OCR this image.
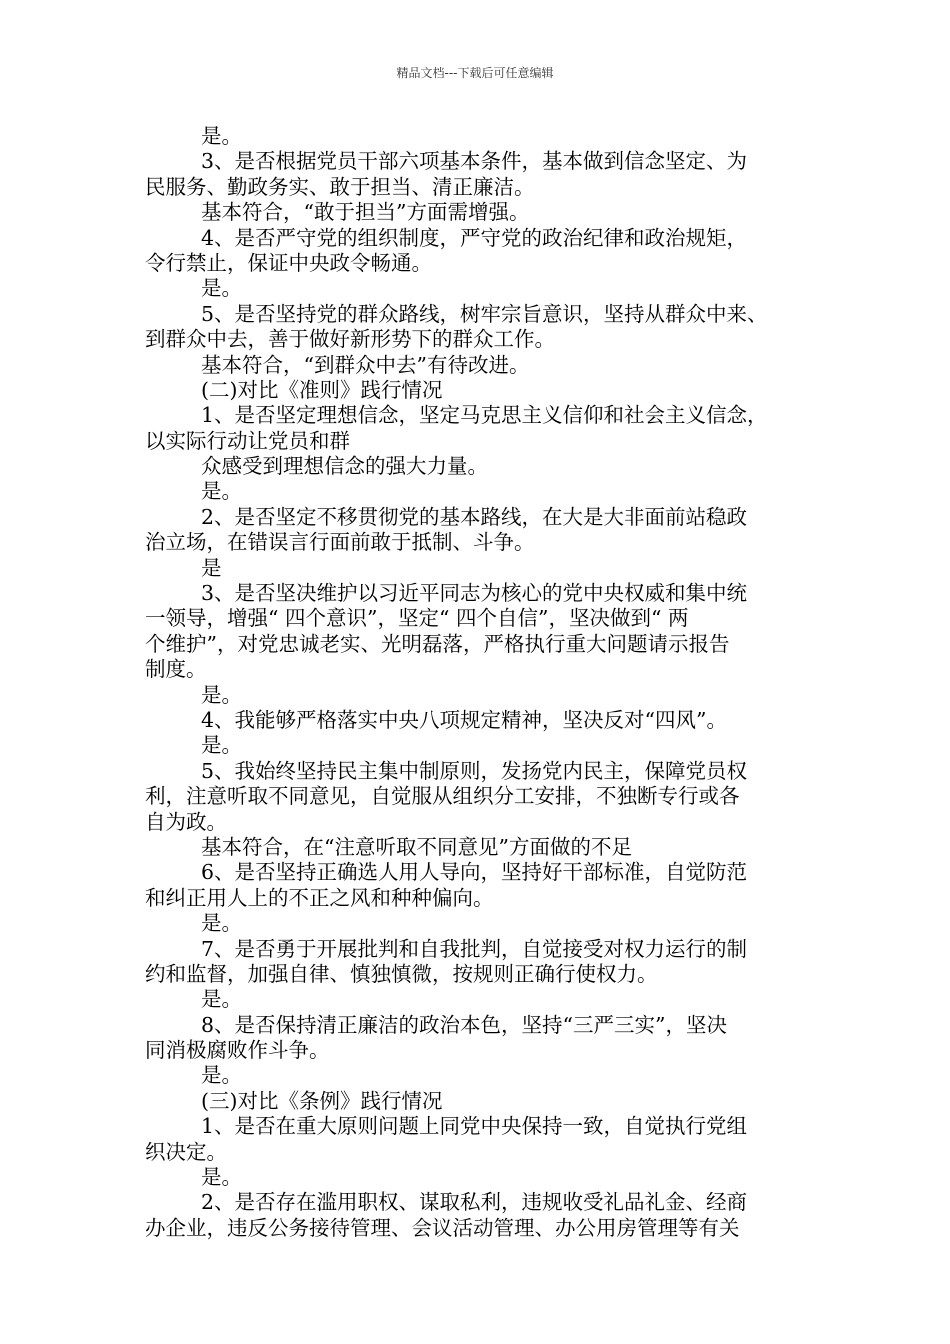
精品文档---下载后可任意编辑
是。
3、是否根据党员干部六项基本条件，基本做到信念坚定、为
民服务、勤政务实、敢于担当、清正廉洁。
基本符合，“敢于担当”方面需增强。
4、是否严守党的组织制度，严守党的政治纪律和政治规矩，
令行禁止，保证中央政令畅通。
是。
5、是否坚持党的群众路线，树牢宗旨意识，坚持从群众中来、
到群众中去，善于做好新形势下的群众工作。
基本符合，“到群众中去”有待改进。
(二)对比《准则》践行情况
1、是否坚定理想信念，坚定马克思主义信仰和社会主义信念，
以实际行动让党员和群
众感受到理想信念的强大力量。
是。
2、是否坚定不移贯彻党的基本路线，在大是大非面前站稳政
治立场，在错误言行面前敢于抵制、斗争。
是
3、是否坚决维护以习近平同志为核心的党中央权威和集中统
一领导，增强“ 四个意识”，坚定“ 四个自信”，坚决做到“ 两
个维护”，对党忠诚老实、光明磊落，严格执行重大问题请示报告
制度。
是。
4、我能够严格落实中央八项规定精神，坚决反对“四风”。
是。
5、我始终坚持民主集中制原则，发扬党内民主，保障党员权
利，注意听取不同意见，自觉服从组织分工安排，不独断专行或各
自为政。
基本符合，在“注意听取不同意见”方面做的不足
6、是否坚持正确选人用人导向，坚持好干部标准，自觉防范
和纠正用人上的不正之风和种种偏向。
是。
7、是否勇于开展批判和自我批判，自觉接受对权力运行的制
约和监督，加强自律、慎独慎微，按规则正确行使权力。
是。
8、是否保持清正廉洁的政治本色，坚持“三严三实”，坚决
同消极腐败作斗争。
是。
(三)对比《条例》践行情况
1、是否在重大原则问题上同党中央保持一致，自觉执行党组
织决定。
是。
2、是否存在滥用职权、谋取私利，违规收受礼品礼金、经商
办企业，违反公务接待管理、会议活动管理、办公用房管理等有关
